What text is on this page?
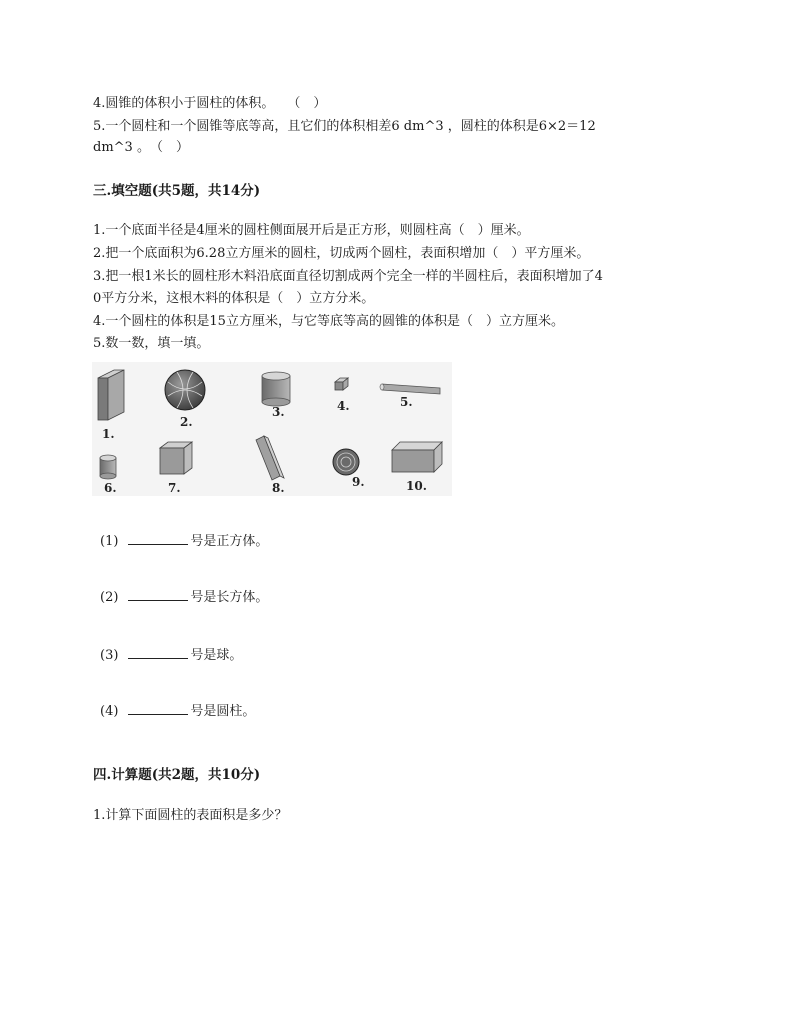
4.圆锥的体积小于圆柱的体积。　　（　）
5.一个圆柱和一个圆锥等底等高，且它们的体积相差6 dm^3 ，圆柱的体积是6×2＝12
dm^3 。　（　）
三.填空题(共5题，共14分)
1.一个底面半径是4厘米的圆柱侧面展开后是正方形，则圆柱高（　）厘米。
2.把一个底面积为6.28立方厘米的圆柱，切成两个圆柱，表面积增加（　）平方厘米。
3.把一根1米长的圆柱形木料沿底面直径切割成两个完全一样的半圆柱后，表面积增加了4
0平方分米，这根木料的体积是（　）立方分米。
4.一个圆柱的体积是15立方厘米，与它等底等高的圆锥的体积是（　）立方厘米。
5.数一数，填一填。
1.
2.
3.	4.	5.
6.	7.	8.	9.	10.
(1)	号是正方体。
(2)	号是长方体。
(3)	号是球。
(4)	号是圆柱。
四.计算题(共2题，共10分)
1.计算下面圆柱的表面积是多少？
